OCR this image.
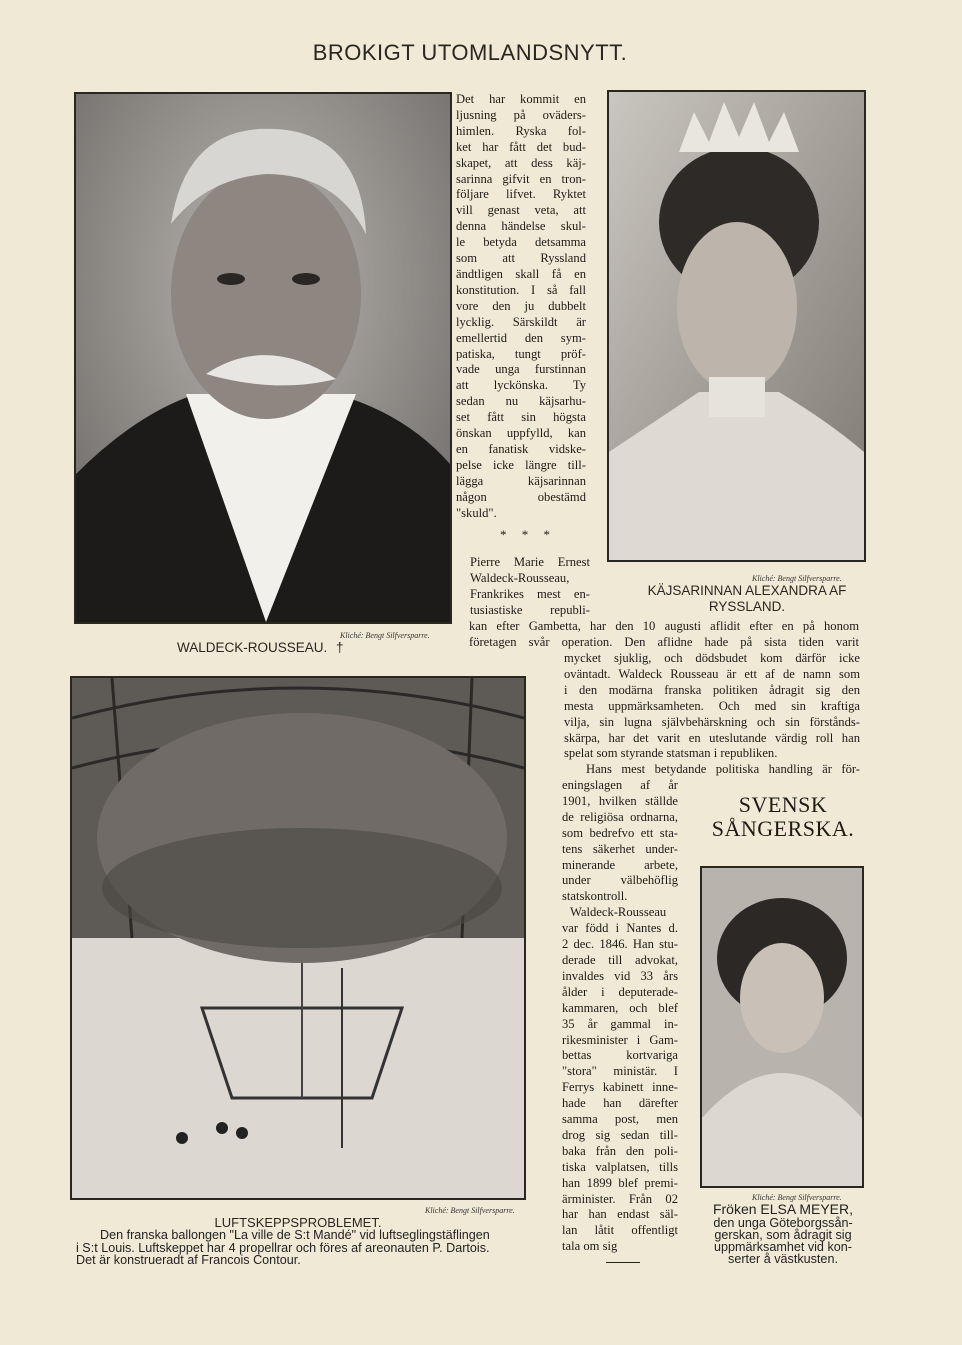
BROKIGT UTOMLANDSNYTT.
Kliché: Bengt Silfversparre.
WALDECK-ROUSSEAU. †
Kliché: Bengt Silfversparre.
KÄJSARINNAN ALEXANDRA AF
RYSSLAND.
Kliché: Bengt Silfversparre.
LUFTSKEPPSPROBLEMET.
Den franska ballongen "La ville de S:t Mandé" vid luftseglingstäflingen
i S:t Louis. Luftskeppet har 4 propellrar och föres af areonauten P. Dartois.
Det är konstrueradt af Francois Contour.
SVENSK
SÅNGERSKA.
Kliché: Bengt Silfversparre.
Fröken ELSA MEYER,
den unga Göteborgssån-
gerskan, som ådragit sig
uppmärksamhet vid kon-
serter å västkusten.
Det har kommit en
ljusning på oväders-
himlen. Ryska fol-
ket har fått det bud-
skapet, att dess käj-
sarinna gifvit en tron-
följare lifvet. Ryktet
vill genast veta, att
denna händelse skul-
le betyda detsamma
som att Ryssland
ändtligen skall få en
konstitution. I så fall
vore den ju dubbelt
lycklig. Särskildt är
emellertid den sym-
patiska, tungt pröf-
vade unga furstinnan
att lyckönska. Ty
sedan nu käjsarhu-
set fått sin högsta
önskan uppfylld, kan
en fanatisk vidske-
pelse icke längre till-
lägga käjsarinnan
någon obestämd
"skuld".
* * *
Pierre Marie Ernest
Waldeck-Rousseau,
Frankrikes mest en-
tusiastiske republi-
kan efter Gambetta, har den 10 augusti aflidit efter en på honom
företagen svår operation. Den aflidne hade på sista tiden varit
mycket sjuklig, och dödsbudet kom därför icke
oväntadt. Waldeck Rousseau är ett af de namn som
i den modärna franska politiken ådragit sig den
mesta uppmärksamheten. Och med sin kraftiga
vilja, sin lugna självbehärskning och sin förstånds-
skärpa, har det varit en uteslutande värdig roll han
spelat som styrande statsman i republiken.
Hans mest betydande politiska handling är för-
eningslagen af år
1901, hvilken ställde
de religiösa ordnarna,
som bedrefvo ett sta-
tens säkerhet under-
minerande arbete,
under välbehöflig
statskontroll.
Waldeck-Rousseau
var född i Nantes d.
2 dec. 1846. Han stu-
derade till advokat,
invaldes vid 33 års
ålder i deputerade-
kammaren, och blef
35 år gammal in-
rikesminister i Gam-
bettas kortvariga
"stora" ministär. I
Ferrys kabinett inne-
hade han därefter
samma post, men
drog sig sedan till-
baka från den poli-
tiska valplatsen, tills
han 1899 blef premi-
ärminister. Från 02
har han endast säl-
lan låtit offentligt
tala om sig
